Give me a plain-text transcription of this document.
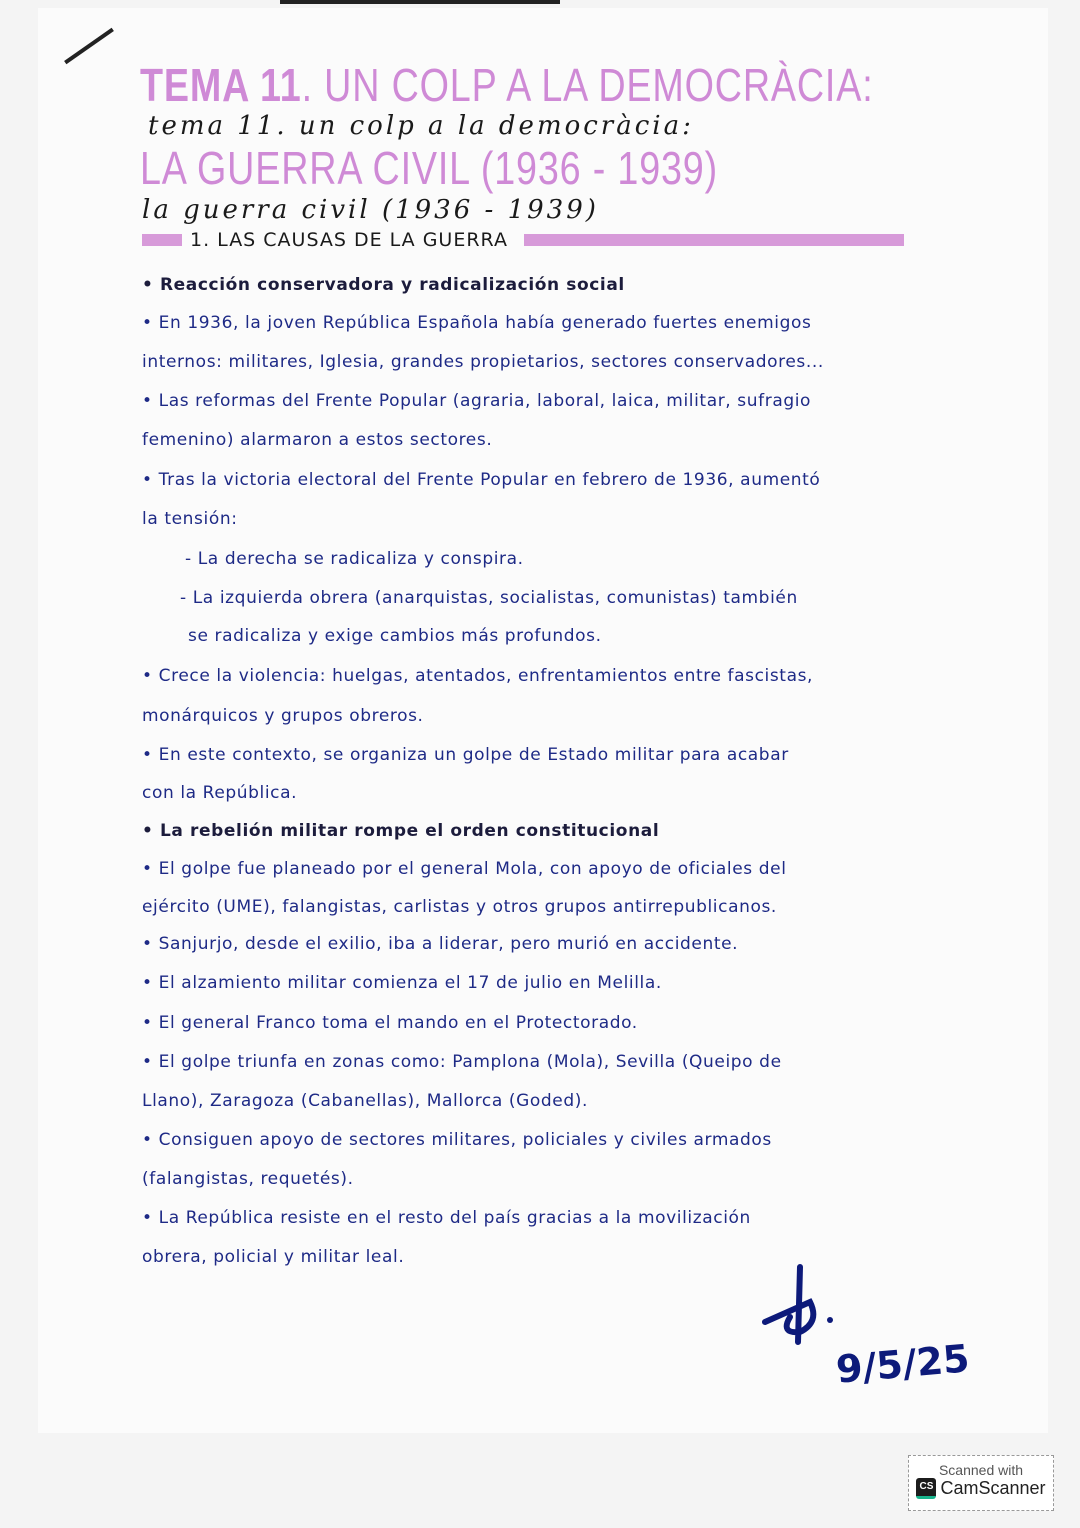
TEMA 11. UN COLP A LA DEMOCRÀCIA:
tema 11. un colp a la democràcia:
LA GUERRA CIVIL (1936 - 1939)
la guerra civil (1936 - 1939)
1. LAS CAUSAS DE LA GUERRA
• Reacción conservadora y radicalización social
• En 1936, la joven República Española había generado fuertes enemigos
internos: militares, Iglesia, grandes propietarios, sectores conservadores...
• Las reformas del Frente Popular (agraria, laboral, laica, militar, sufragio
femenino) alarmaron a estos sectores.
• Tras la victoria electoral del Frente Popular en febrero de 1936, aumentó
la tensión:
- La derecha se radicaliza y conspira.
- La izquierda obrera (anarquistas, socialistas, comunistas) también
se radicaliza y exige cambios más profundos.
• Crece la violencia: huelgas, atentados, enfrentamientos entre fascistas,
monárquicos y grupos obreros.
• En este contexto, se organiza un golpe de Estado militar para acabar
con la República.
• La rebelión militar rompe el orden constitucional
• El golpe fue planeado por el general Mola, con apoyo de oficiales del
ejército (UME), falangistas, carlistas y otros grupos antirrepublicanos.
• Sanjurjo, desde el exilio, iba a liderar, pero murió en accidente.
• El alzamiento militar comienza el 17 de julio en Melilla.
• El general Franco toma el mando en el Protectorado.
• El golpe triunfa en zonas como: Pamplona (Mola), Sevilla (Queipo de
Llano), Zaragoza (Cabanellas), Mallorca (Goded).
• Consiguen apoyo de sectores militares, policiales y civiles armados
(falangistas, requetés).
• La República resiste en el resto del país gracias a la movilización
obrera, policial y militar leal.
9/5/25
Scanned with
CS CamScanner
